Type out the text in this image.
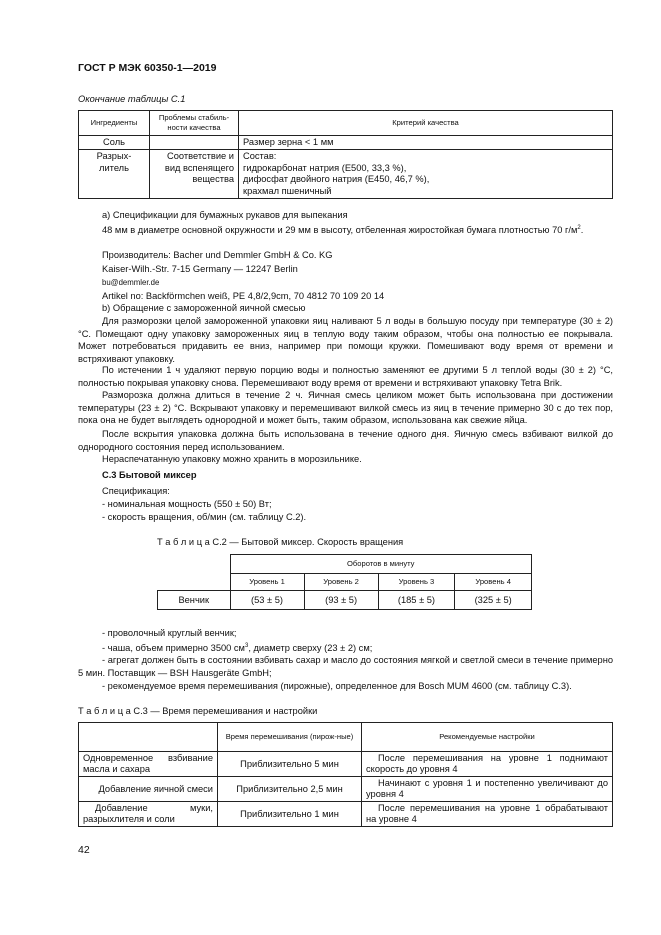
ГОСТ Р МЭК 60350-1—2019
Окончание таблицы С.1
Ингредиенты	Проблемы стабиль-ности качества	Критерий качества
Соль		Размер зерна < 1 мм
Разрых-литель	Соответствие и вид вспенящего вещества	Состав:
гидрокарбонат натрия (E500, 33,3 %),
дифосфат двойного натрия (E450, 46,7 %),
крахмал пшеничный
a) Спецификации для бумажных рукавов для выпекания
48 мм в диаметре основной окружности и 29 мм в высоту, отбеленная жиростойкая бумага плотностью 70 $г/м^2$.
Производитель: Bacher und Demmler GmbH & Co. KG
Kaiser-Wilh.-Str. 7-15 Germany — 12247 Berlin
bu@demmler.de
Artikel no: Backförmchen weiß, PE 4,8/2,9cm, 70 4812 70 109 20 14
b) Обращение с замороженной яичной смесью
Для разморозки целой замороженной упаковки яиц наливают 5 л воды в большую посуду при температуре (30 ± 2) °С. Помещают одну упаковку замороженных яиц в теплую воду таким образом, чтобы она полностью ее покрывала. Может потребоваться придавить ее вниз, например при помощи кружки. Помешивают воду время от времени и встряхивают упаковку.
По истечении 1 ч удаляют первую порцию воды и полностью заменяют ее другими 5 л теплой воды (30 ± 2) °С, полностью покрывая упаковку снова. Перемешивают воду время от времени и встряхивают упаковку Tetra Brik.
Разморозка должна длиться в течение 2 ч. Яичная смесь целиком может быть использована при достижении температуры (23 ± 2) °С. Вскрывают упаковку и перемешивают вилкой смесь из яиц в течение примерно 30 с до тех пор, пока она не будет выглядеть однородной и может быть, таким образом, использована как свежие яйца.
После вскрытия упаковка должна быть использована в течение одного дня. Яичную смесь взбивают вилкой до однородного состояния перед использованием.
Нераспечатанную упаковку можно хранить в морозильнике.
С.3 Бытовой миксер
Спецификация:
- номинальная мощность (550 ± 50) Вт;
- скорость вращения, об/мин (см. таблицу С.2).
Т а б л и ц а С.2 — Бытовой миксер. Скорость вращения
	Оборотов в минуту			
	Уровень 1	Уровень 2	Уровень 3	Уровень 4
Венчик	(53 ± 5)	(93 ± 5)	(185 ± 5)	(325 ± 5)
- проволочный круглый венчик;
- чаша, объем примерно 3500 $см^3$, диаметр сверху (23 ± 2) см;
- агрегат должен быть в состоянии взбивать сахар и масло до состояния мягкой и светлой смеси в течение примерно 5 мин. Поставщик — BSH Hausgeräte GmbH;
- рекомендуемое время перемешивания (пирожные), определенное для Bosch MUM 4600 (см. таблицу С.3).
Т а б л и ц а С.3 — Время перемешивания и настройки
	Время перемешивания (пирож-ные)	Рекомендуемые настройки
Одновременное взбивание масла и сахара	Приблизительно 5 мин	После перемешивания на уровне 1 поднимают скорость до уровня 4
Добавление яичной смеси	Приблизительно 2,5 мин	Начинают с уровня 1 и постепенно увеличивают до уровня 4
Добавление муки, разрыхлителя и соли	Приблизительно 1 мин	После перемешивания на уровне 1 обрабатывают на уровне 4
42
